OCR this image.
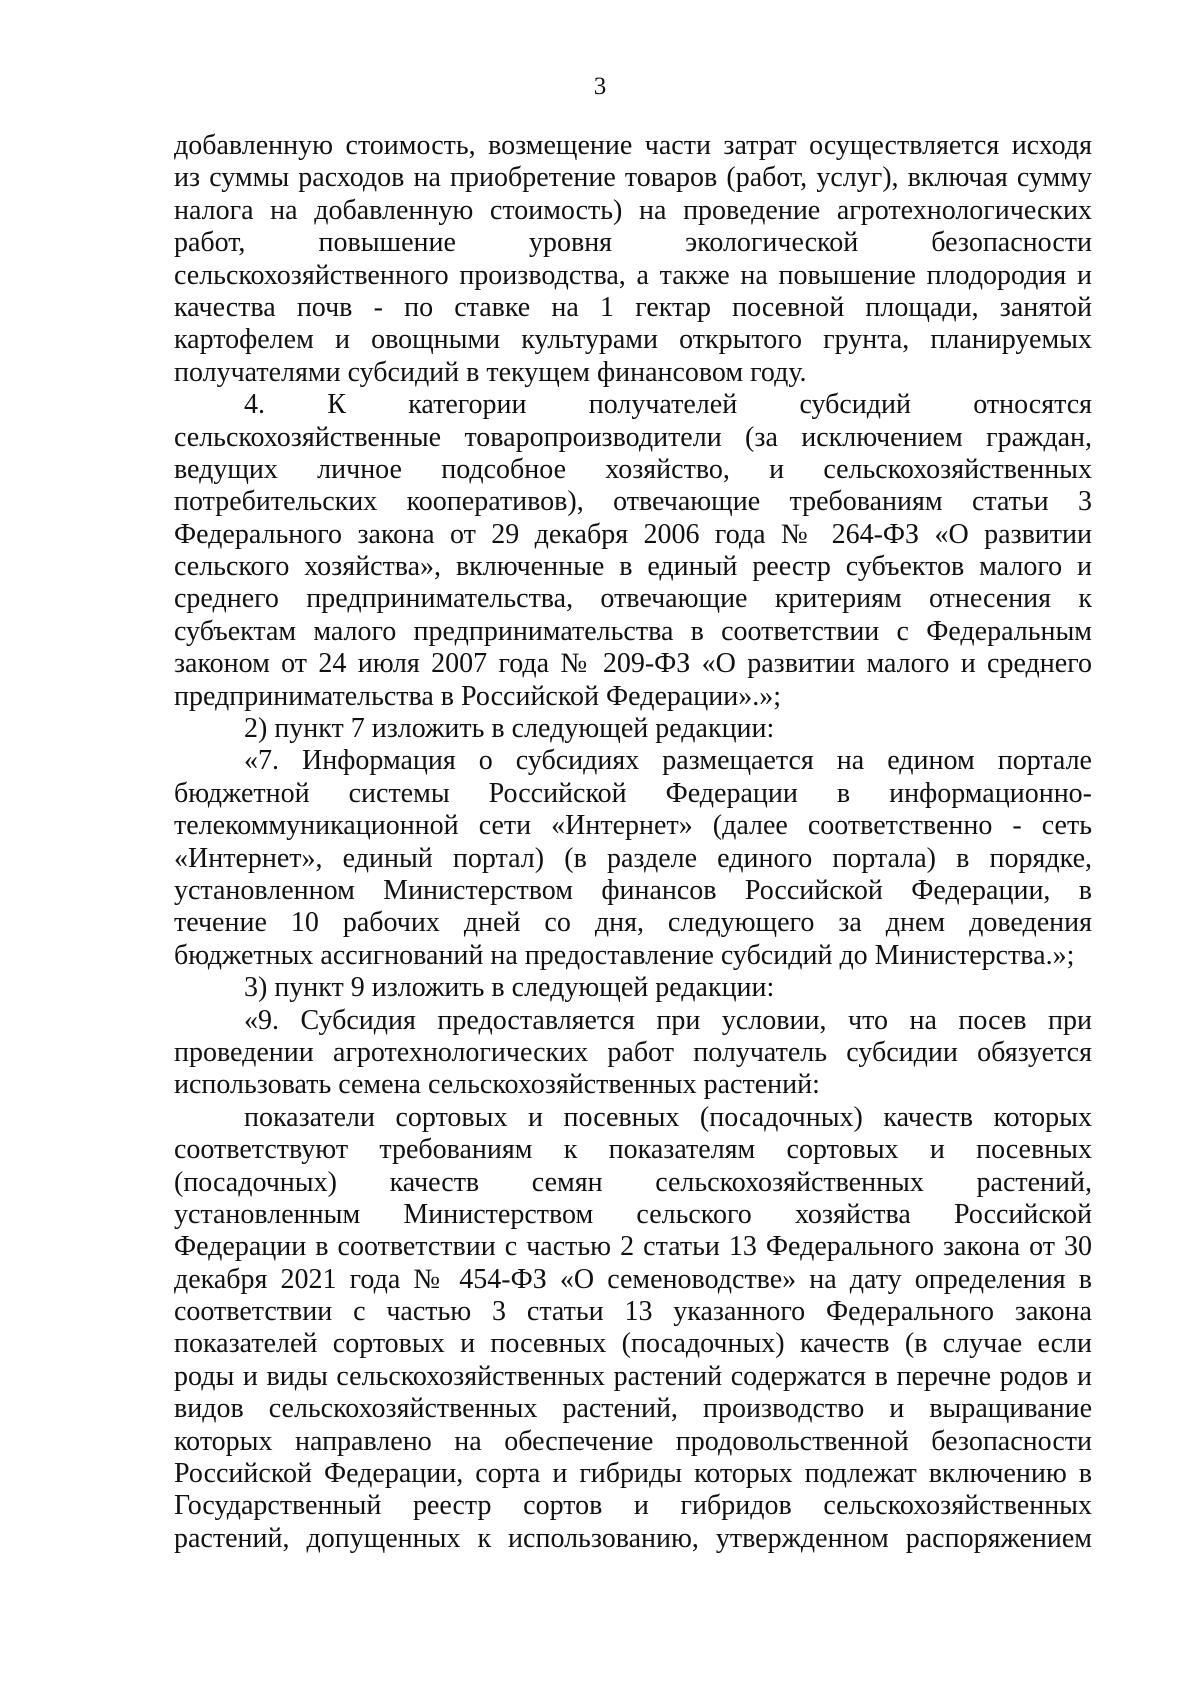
3
добавленную стоимость, возмещение части затрат осуществляется исходя
из суммы расходов на приобретение товаров (работ, услуг), включая сумму
налога на добавленную стоимость) на проведение агротехнологических
работ, повышение уровня экологической безопасности
сельскохозяйственного производства, а также на повышение плодородия и
качества почв - по ставке на 1 гектар посевной площади, занятой
картофелем и овощными культурами открытого грунта, планируемых
получателями субсидий в текущем финансовом году.
4. К категории получателей субсидий относятся
сельскохозяйственные товаропроизводители (за исключением граждан,
ведущих личное подсобное хозяйство, и сельскохозяйственных
потребительских кооперативов), отвечающие требованиям статьи 3
Федерального закона от 29 декабря 2006 года № 264-ФЗ «О развитии
сельского хозяйства», включенные в единый реестр субъектов малого и
среднего предпринимательства, отвечающие критериям отнесения к
субъектам малого предпринимательства в соответствии с Федеральным
законом от 24 июля 2007 года № 209-ФЗ «О развитии малого и среднего
предпринимательства в Российской Федерации».»;
2) пункт 7 изложить в следующей редакции:
«7. Информация о субсидиях размещается на едином портале
бюджетной системы Российской Федерации в информационно-
телекоммуникационной сети «Интернет» (далее соответственно - сеть
«Интернет», единый портал) (в разделе единого портала) в порядке,
установленном Министерством финансов Российской Федерации, в
течение 10 рабочих дней со дня, следующего за днем доведения
бюджетных ассигнований на предоставление субсидий до Министерства.»;
3) пункт 9 изложить в следующей редакции:
«9. Субсидия предоставляется при условии, что на посев при
проведении агротехнологических работ получатель субсидии обязуется
использовать семена сельскохозяйственных растений:
показатели сортовых и посевных (посадочных) качеств которых
соответствуют требованиям к показателям сортовых и посевных
(посадочных) качеств семян сельскохозяйственных растений,
установленным Министерством сельского хозяйства Российской
Федерации в соответствии с частью 2 статьи 13 Федерального закона от 30
декабря 2021 года № 454-ФЗ «О семеноводстве» на дату определения в
соответствии с частью 3 статьи 13 указанного Федерального закона
показателей сортовых и посевных (посадочных) качеств (в случае если
роды и виды сельскохозяйственных растений содержатся в перечне родов и
видов сельскохозяйственных растений, производство и выращивание
которых направлено на обеспечение продовольственной безопасности
Российской Федерации, сорта и гибриды которых подлежат включению в
Государственный реестр сортов и гибридов сельскохозяйственных
растений, допущенных к использованию, утвержденном распоряжением
